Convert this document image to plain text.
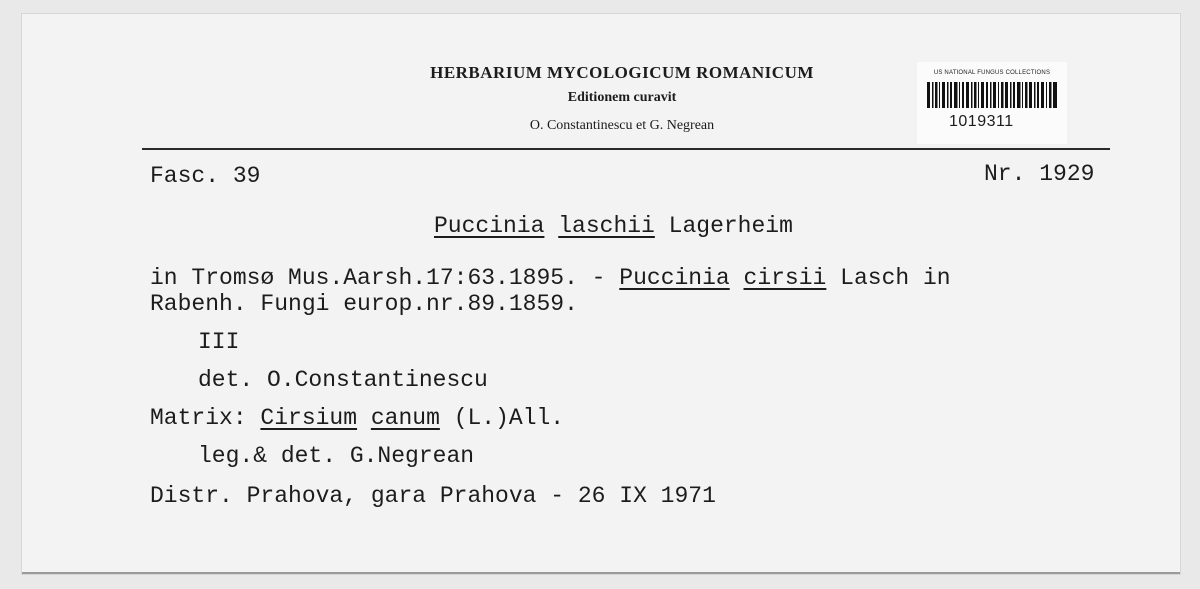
HERBARIUM MYCOLOGICUM ROMANICUM
Editionem curavit
O. Constantinescu et G. Negrean
US NATIONAL FUNGUS COLLECTIONS
1019311
Fasc. 39	Nr. 1929
Puccinia laschii Lagerheim
in Tromsø Mus.Aarsh.17:63.1895. - Puccinia cirsii Lasch in
Rabenh. Fungi europ.nr.89.1859.
III
det. O.Constantinescu
Matrix: Cirsium canum (L.)All.
leg.& det. G.Negrean
Distr. Prahova, gara Prahova - 26 IX 1971
